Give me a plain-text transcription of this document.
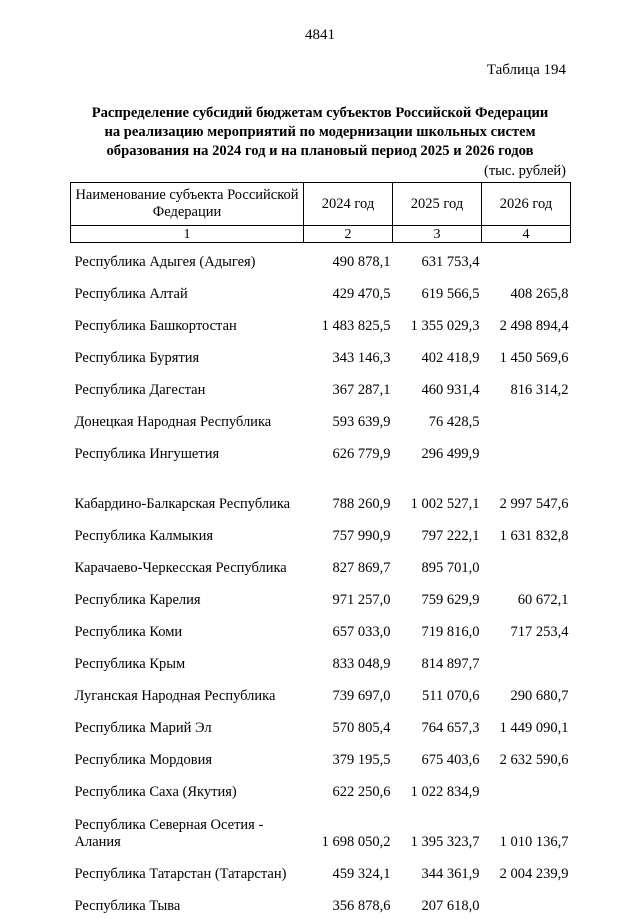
4841
Таблица 194
Распределение субсидий бюджетам субъектов Российской Федерации
на реализацию мероприятий по модернизации школьных систем
образования на 2024 год и на плановый период 2025 и 2026 годов
(тыс. рублей)
Наименование субъекта Российской Федерации	2024 год	2025 год	2026 год
1	2	3	4
Республика Адыгея (Адыгея)	490 878,1	631 753,4	
Республика Алтай	429 470,5	619 566,5	408 265,8
Республика Башкортостан	1 483 825,5	1 355 029,3	2 498 894,4
Республика Бурятия	343 146,3	402 418,9	1 450 569,6
Республика Дагестан	367 287,1	460 931,4	816 314,2
Донецкая Народная Республика	593 639,9	76 428,5	
Республика Ингушетия	626 779,9	296 499,9	
Кабардино-Балкарская Республика	788 260,9	1 002 527,1	2 997 547,6
Республика Калмыкия	757 990,9	797 222,1	1 631 832,8
Карачаево-Черкесская Республика	827 869,7	895 701,0	
Республика Карелия	971 257,0	759 629,9	60 672,1
Республика Коми	657 033,0	719 816,0	717 253,4
Республика Крым	833 048,9	814 897,7	
Луганская Народная Республика	739 697,0	511 070,6	290 680,7
Республика Марий Эл	570 805,4	764 657,3	1 449 090,1
Республика Мордовия	379 195,5	675 403,6	2 632 590,6
Республика Саха (Якутия)	622 250,6	1 022 834,9	
Республика Северная Осетия - Алания	1 698 050,2	1 395 323,7	1 010 136,7
Республика Татарстан (Татарстан)	459 324,1	344 361,9	2 004 239,9
Республика Тыва	356 878,6	207 618,0	
